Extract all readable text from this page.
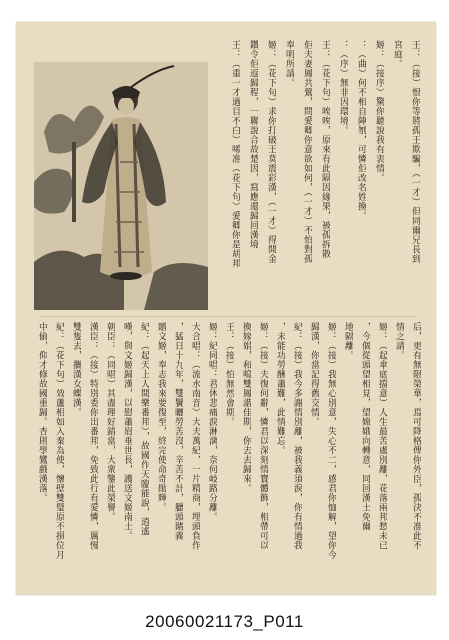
王：（接）恨你等將孤王欺騙，（一才）但同爾兄長到
宮庭。
姬：（接序）驚你聽說我有衷情。
：（曲）何不相自陣刎，可憐佢改名姓換。
：（序）無非因環境。
王：（花下句）唉唉，原來有此隔因緣果，被孤拆散
佢夫妻鳳共鶯，問愛卿你意欲如何，（一才）不怕對孤
奉明所請。
姬：（花下句）求你打破王莫震彩漢，（一才）得開金
鑽令佢返歸程，一聯說合故楚因，寫應還歸回漢境
王：（重一才過目不白）唏准（花下句）愛卿你是胡邦
后，更有無限榮華，焉可降格俾你外臣，孤決不准此不
情之請。
姬：（起傘底擋意）人生最苦處別離，花落兩邦愁未已
，今個從頭望相見，望嫦娥向轉意，同回漢土免爾
地隔離。
姬：（接）我無心別意，失心不二，感君你恤解，望你今
歸漢，你當記得舊交情。
紀：（接）我今多謝情別離，被我義須淚，你有情過我
，未能功勞酬蕭難，此情難忘。
姬：（接）夫復何辭，憐君以深刻情寶體飾，相帶可以
換嫁娟，和鳴雙鳳諧佳期，你去去歸來。
王：（接）怕無然會期。
姬：紀同唱：君休悲痛淚淋漓，奈何岐路分離。
大合唱：（流水南音）大夫萬紀，一片精商，埋頭負作
，猛日十九年，雙鬢曬勞苦沒，辛苦不計，臘頭賭義
贈文姬，奉志我來要復至，終完使命奇勛輝。
紀：（起天上人間樂番邦），故國作天臨能說，逍遙
嘆，與文姬歸漢，以慰蕭眉垂世長，護送文姬南土。
朝臣：（同唱）其盡理好錯當，大衆鑒此榮譽。
漢臣：（接）特別委你出番邦，免致此行有愛憐，厲慢
雙隻去，攜漢女蝶漢。
紀：（花下句）效蘆相如入秦為使，懷壁雙璧原不損位月
中偷，仰才修故國重歸。杏則學鸞戲漢落。
20060021173_P011
